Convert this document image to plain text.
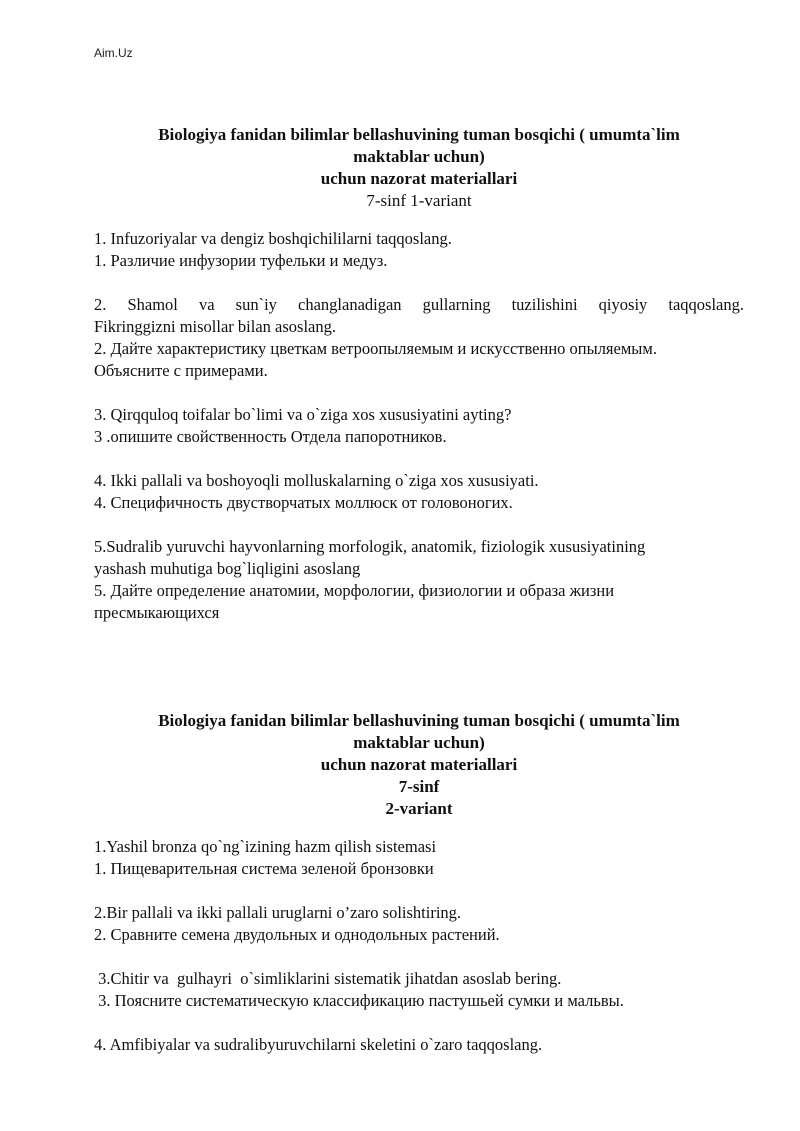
Aim.Uz

Biologiya fanidan bilimlar bellashuvining tuman bosqichi ( umumta`lim

maktablar uchun)

uchun nazorat materiallari

7-sinf 1-variant

1. Infuzoriyalar va dengiz boshqichililarni taqqoslang.

1. Различие инфузории туфельки и медуз.

2. Shamol va sun`iy changlanadigan gullarning tuzilishini qiyosiy taqqoslang.

Fikringgizni misollar bilan asoslang.

2. Дайте характеристику цветкам ветроопыляемым и искусственно опыляемым.

Объясните с примерами.

3. Qirqquloq toifalar bo`limi va o`ziga xos xususiyatini ayting?

3 .опишите свойственность Отдела папоротников.

4. Ikki pallali va boshoyoqli molluskalarning o`ziga xos xususiyati.

4. Специфичность двустворчатых моллюск от головоногих.

5.Sudralib yuruvchi hayvonlarning morfologik, anatomik, fiziologik xususiyatining

yashash muhutiga bog`liqligini asoslang

5. Дайте определение анатомии, морфологии, физиологии и образа жизни

пресмыкающихся

Biologiya fanidan bilimlar bellashuvining tuman bosqichi ( umumta`lim

maktablar uchun)

uchun nazorat materiallari

7-sinf

2-variant

1.Yashil bronza qo`ng`izining hazm qilish sistemasi

1. Пищеварительная система зеленой бронзовки

2.Bir pallali va ikki pallali uruglarni o’zaro solishtiring.

2. Сравните семена двудольных и однодольных растений.

3.Chitir va  gulhayri  o`simliklarini sistematik jihatdan asoslab bering.

3. Поясните систематическую классификацию пастушьей сумки и мальвы.

4. Amfibiyalar va sudralibyuruvchilarni skeletini o`zaro taqqoslang.
